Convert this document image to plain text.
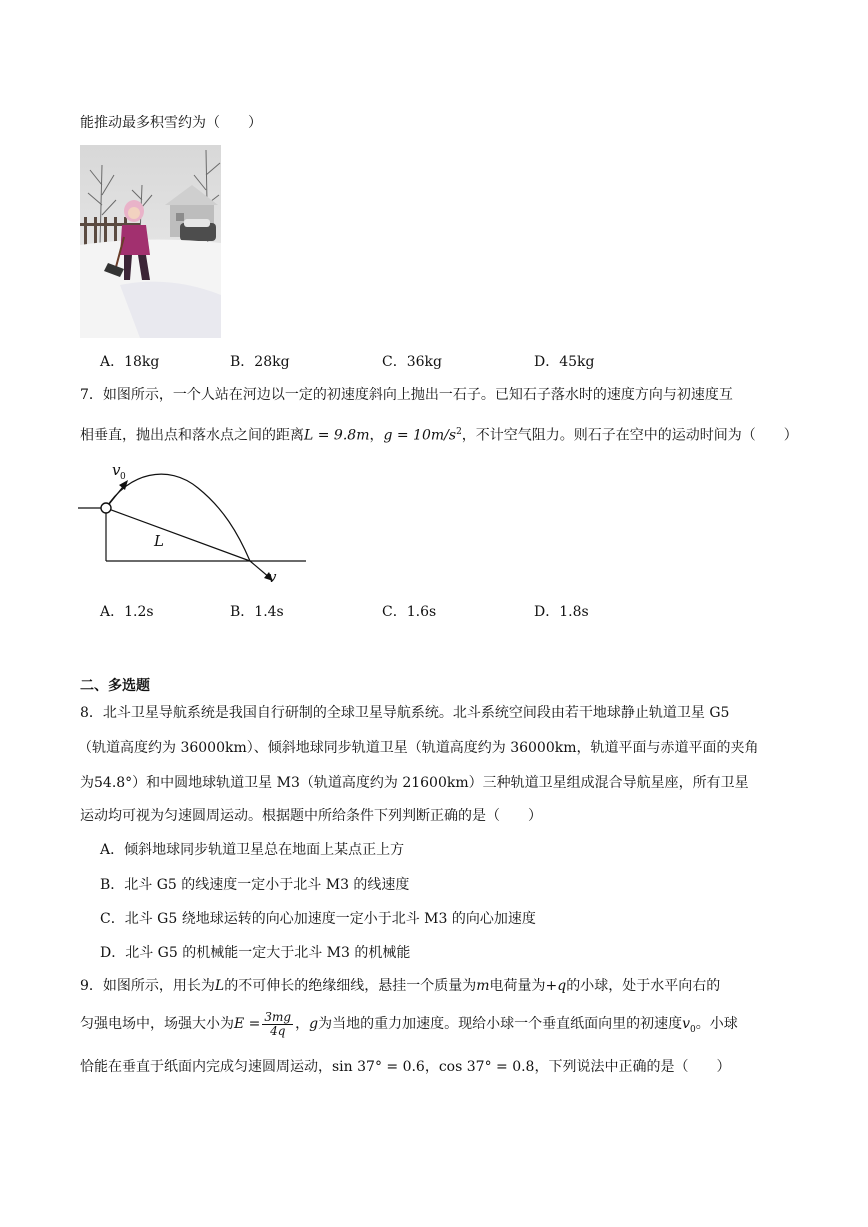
能推动最多积雪约为（　　）
A．18kg	B．28kg	C．36kg	D．45kg
7．如图所示，一个人站在河边以一定的初速度斜向上抛出一石子。已知石子落水时的速度方向与初速度互
相垂直，抛出点和落水点之间的距离L = 9.8m，$g = 10m/s^2$，不计空气阻力。则石子在空中的运动时间为（　　）
v 0
L
v
A．1.2s	B．1.4s	C．1.6s	D．1.8s
二、多选题
8．北斗卫星导航系统是我国自行研制的全球卫星导航系统。北斗系统空间段由若干地球静止轨道卫星 G5
（轨道高度约为 36000km）、倾斜地球同步轨道卫星（轨道高度约为 36000km，轨道平面与赤道平面的夹角
为54.8°）和中圆地球轨道卫星 M3（轨道高度约为 21600km）三种轨道卫星组成混合导航星座，所有卫星
运动均可视为匀速圆周运动。根据题中所给条件下列判断正确的是（　　）
A．倾斜地球同步轨道卫星总在地面上某点正上方
B．北斗 G5 的线速度一定小于北斗 M3 的线速度
C．北斗 G5 绕地球运转的向心加速度一定小于北斗 M3 的向心加速度
D．北斗 G5 的机械能一定大于北斗 M3 的机械能
9．如图所示，用长为L的不可伸长的绝缘细线，悬挂一个质量为m电荷量为+q的小球，处于水平向右的
匀强电场中，场强大小为$E = \frac{3mg}{4q}$ ，g为当地的重力加速度。现给小球一个垂直纸面向里的初速度$v_0$。小球
恰能在垂直于纸面内完成匀速圆周运动，sin 37° = 0.6，cos 37° = 0.8，下列说法中正确的是（　　）
